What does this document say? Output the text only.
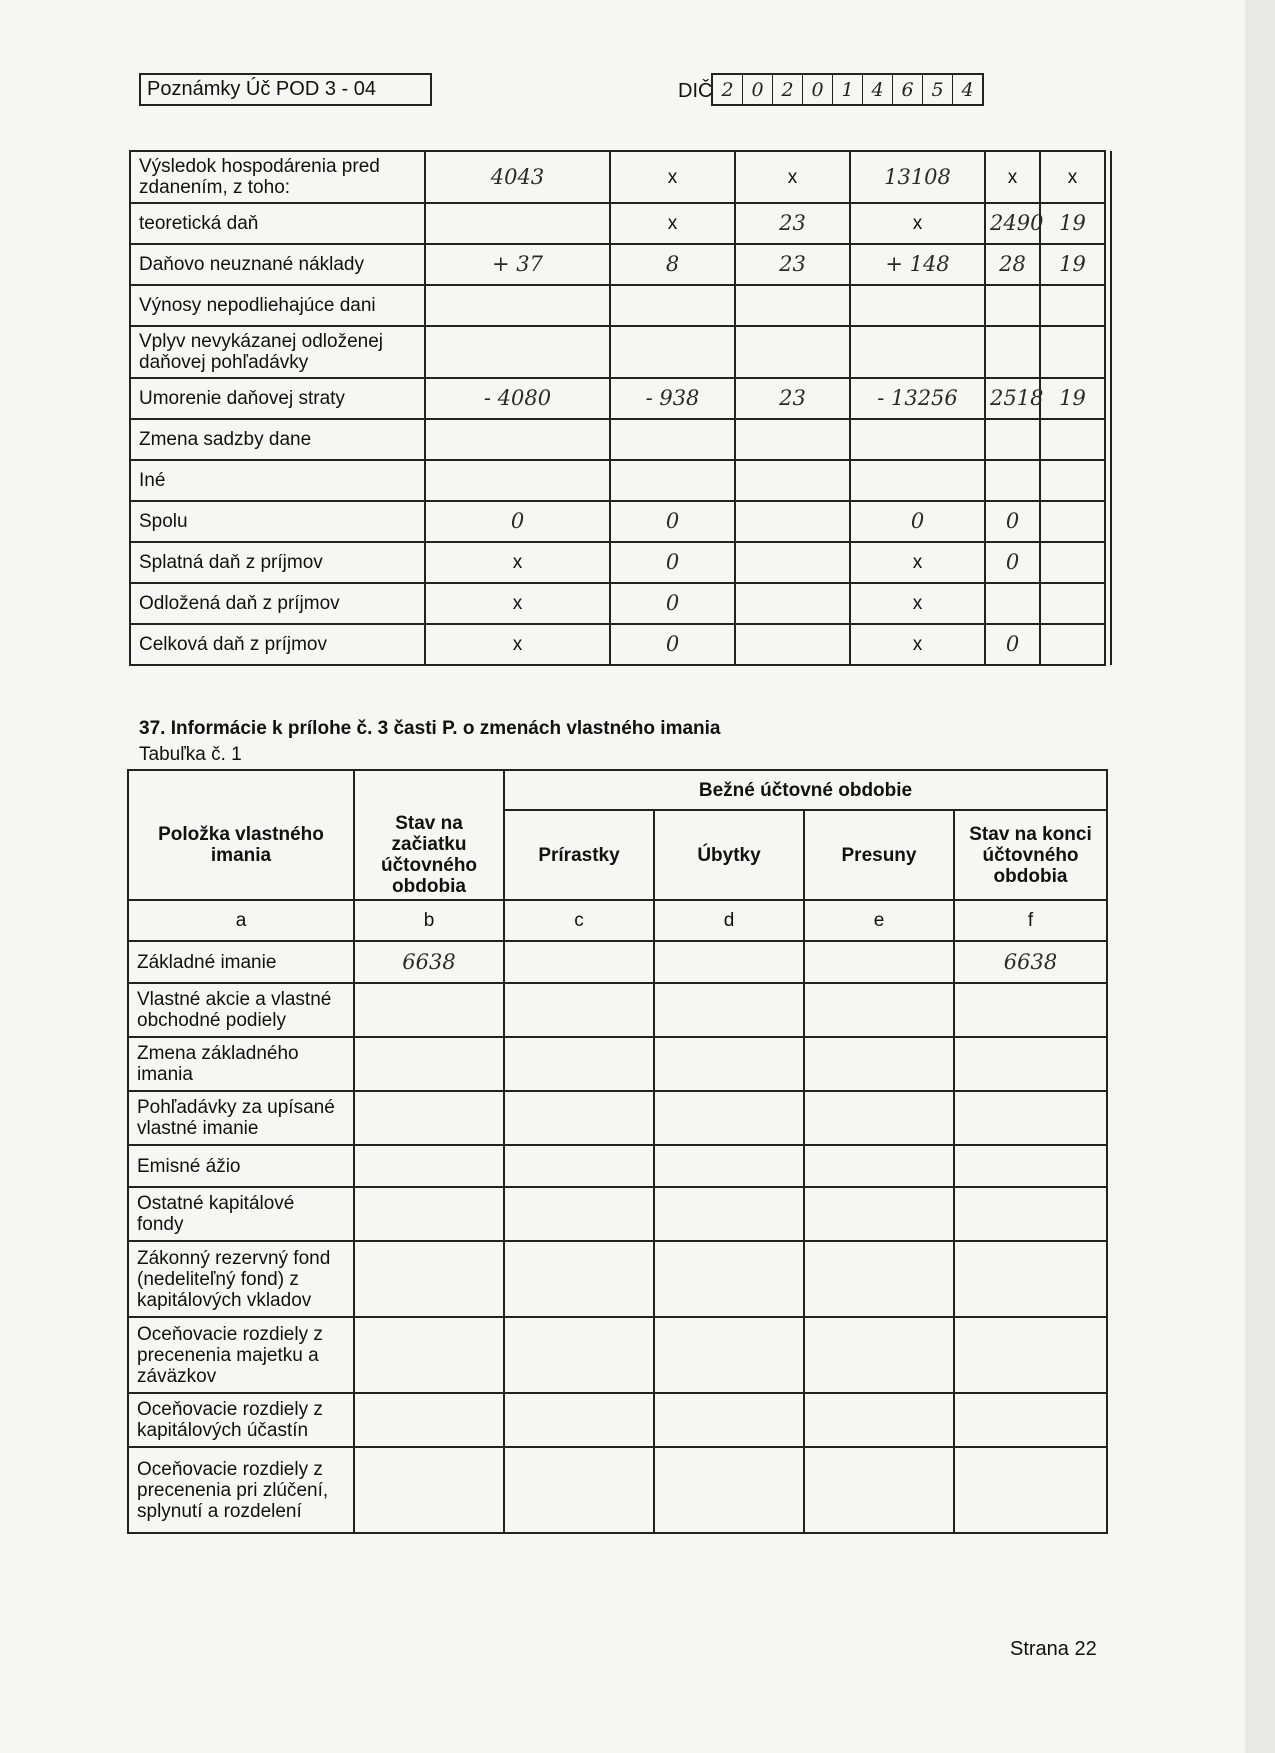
Poznámky Úč POD 3 - 04	DIČ 2 0 2 0 1 4 6 5 4
Výsledok hospodárenia pred zdanením, z toho:	4043	x	x	13108	x	x	
teoretická daň		x	23	x	2490	19	
Daňovo neuznané náklady	+ 37	8	23	+ 148	28	19	
Výnosy nepodliehajúce dani							
Vplyv nevykázanej odloženej daňovej pohľadávky							
Umorenie daňovej straty	- 4080	- 938	23	- 13256	2518	19	
Zmena sadzby dane							
Iné							
Spolu	0	0		0	0		
Splatná daň z príjmov	x	0		x	0		
Odložená daň z príjmov	x	0		x			
Celková daň z príjmov	x	0		x	0		
37. Informácie k prílohe č. 3 časti P. o zmenách vlastného imania
Tabuľka č. 1
Položka vlastného imania	Stav na začiatku účtovného obdobia	Bežné účtovné obdobie			
		Prírastky	Úbytky	Presuny	Stav na konci účtovného obdobia
a	b	c	d	e	f
Základné imanie	6638				6638
Vlastné akcie a vlastné obchodné podiely					
Zmena základného imania					
Pohľadávky za upísané vlastné imanie					
Emisné ážio					
Ostatné kapitálové fondy					
Zákonný rezervný fond (nedeliteľný fond) z kapitálových vkladov					
Oceňovacie rozdiely z precenenia majetku a záväzkov					
Oceňovacie rozdiely z kapitálových účastín					
Oceňovacie rozdiely z precenenia pri zlúčení, splynutí a rozdelení					
Strana 22
